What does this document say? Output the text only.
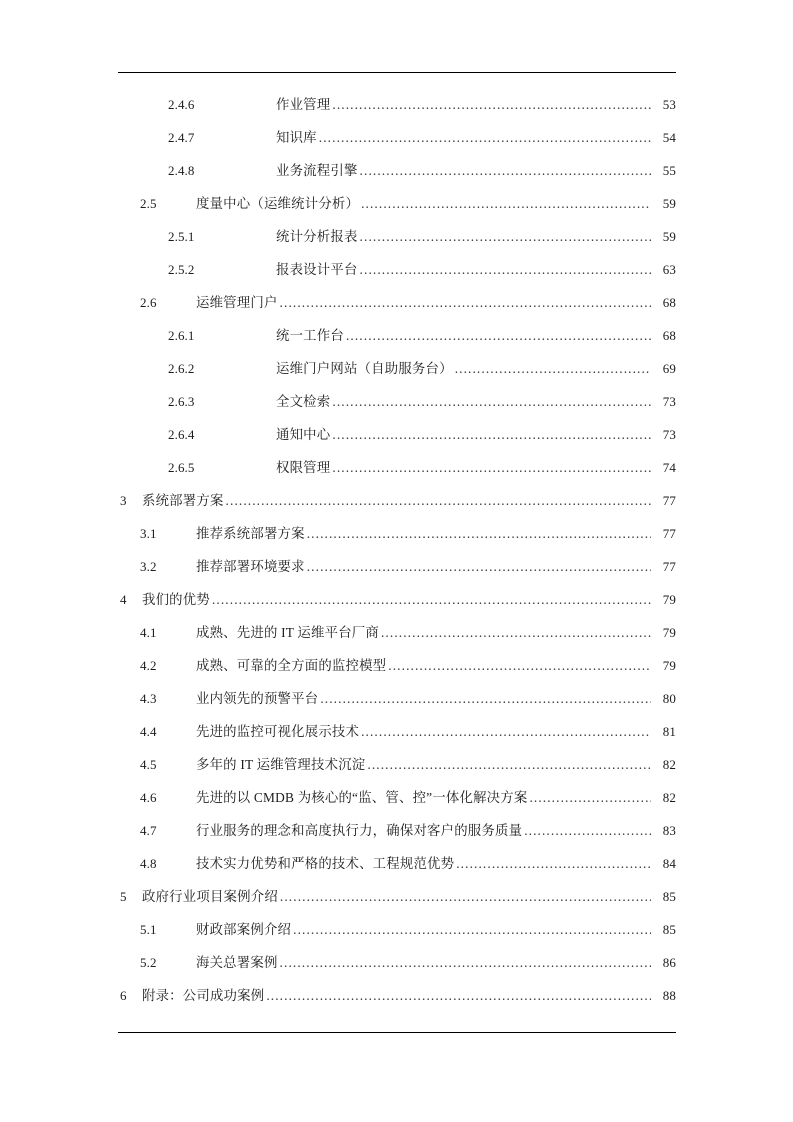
2.4.6	作业管理 .....	53
2.4.7	知识库 .....	54
2.4.8	业务流程引擎 .....	55
2.5	度量中心（运维统计分析） .....	59
2.5.1	统计分析报表 .....	59
2.5.2	报表设计平台 .....	63
2.6	运维管理门户 .....	68
2.6.1	统一工作台 .....	68
2.6.2	运维门户网站（自助服务台） .....	69
2.6.3	全文检索 .....	73
2.6.4	通知中心 .....	73
2.6.5	权限管理 .....	74
3	系统部署方案 .....	77
3.1	推荐系统部署方案 .....	77
3.2	推荐部署环境要求 .....	77
4	我们的优势 .....	79
4.1	成熟、先进的 IT 运维平台厂商 .....	79
4.2	成熟、可靠的全方面的监控模型 .....	79
4.3	业内领先的预警平台 .....	80
4.4	先进的监控可视化展示技术 .....	81
4.5	多年的 IT 运维管理技术沉淀 .....	82
4.6	先进的以 CMDB 为核心的“监、管、控”一体化解决方案 .....	82
4.7	行业服务的理念和高度执行力，确保对客户的服务质量 .....	83
4.8	技术实力优势和严格的技术、工程规范优势 .....	84
5	政府行业项目案例介绍 .....	85
5.1	财政部案例介绍 .....	85
5.2	海关总署案例 .....	86
6	附录：公司成功案例 .....	88
